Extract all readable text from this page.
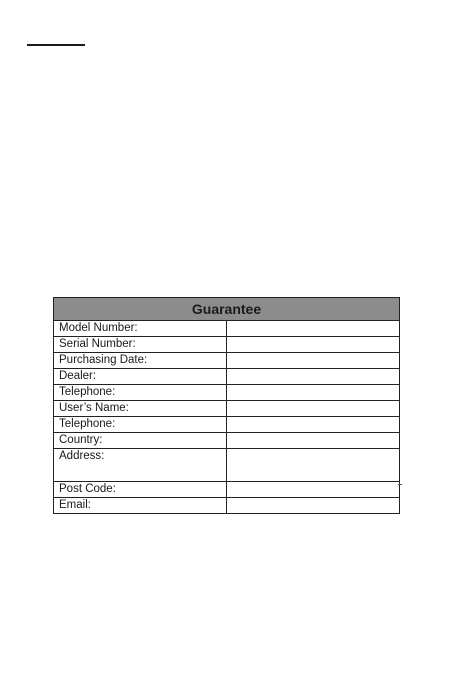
Guarantee	
Model Number:	
Serial Number:	
Purchasing Date:	
Dealer:	
Telephone:	
User’s Name:	
Telephone:	
Country:	
Address:	
Post Code:	
Email:	
